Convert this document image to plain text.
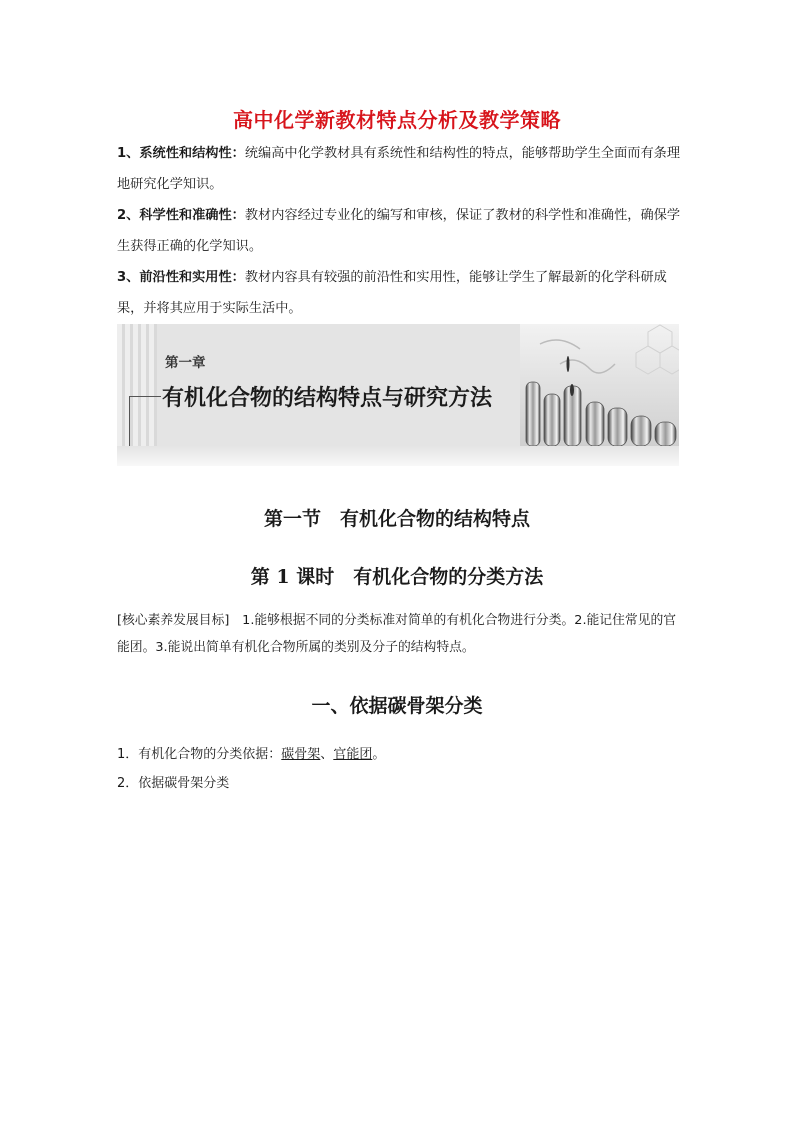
高中化学新教材特点分析及教学策略

1、系统性和结构性：统编高中化学教材具有系统性和结构性的特点，能够帮助学生全面而有条理地研究化学知识。

2、科学性和准确性：教材内容经过专业化的编写和审核，保证了教材的科学性和准确性，确保学生获得正确的化学知识。

3、前沿性和实用性：教材内容具有较强的前沿性和实用性，能够让学生了解最新的化学科研成果，并将其应用于实际生活中。

第一章
有机化合物的结构特点与研究方法
第一节　有机化合物的结构特点
第 1 课时　有机化合物的分类方法
[核心素养发展目标]　1.能够根据不同的分类标准对简单的有机化合物进行分类。2.能记住常见的官能团。3.能说出简单有机化合物所属的类别及分子的结构特点。
一、依据碳骨架分类
1．有机化合物的分类依据：碳骨架、官能团。
2．依据碳骨架分类
